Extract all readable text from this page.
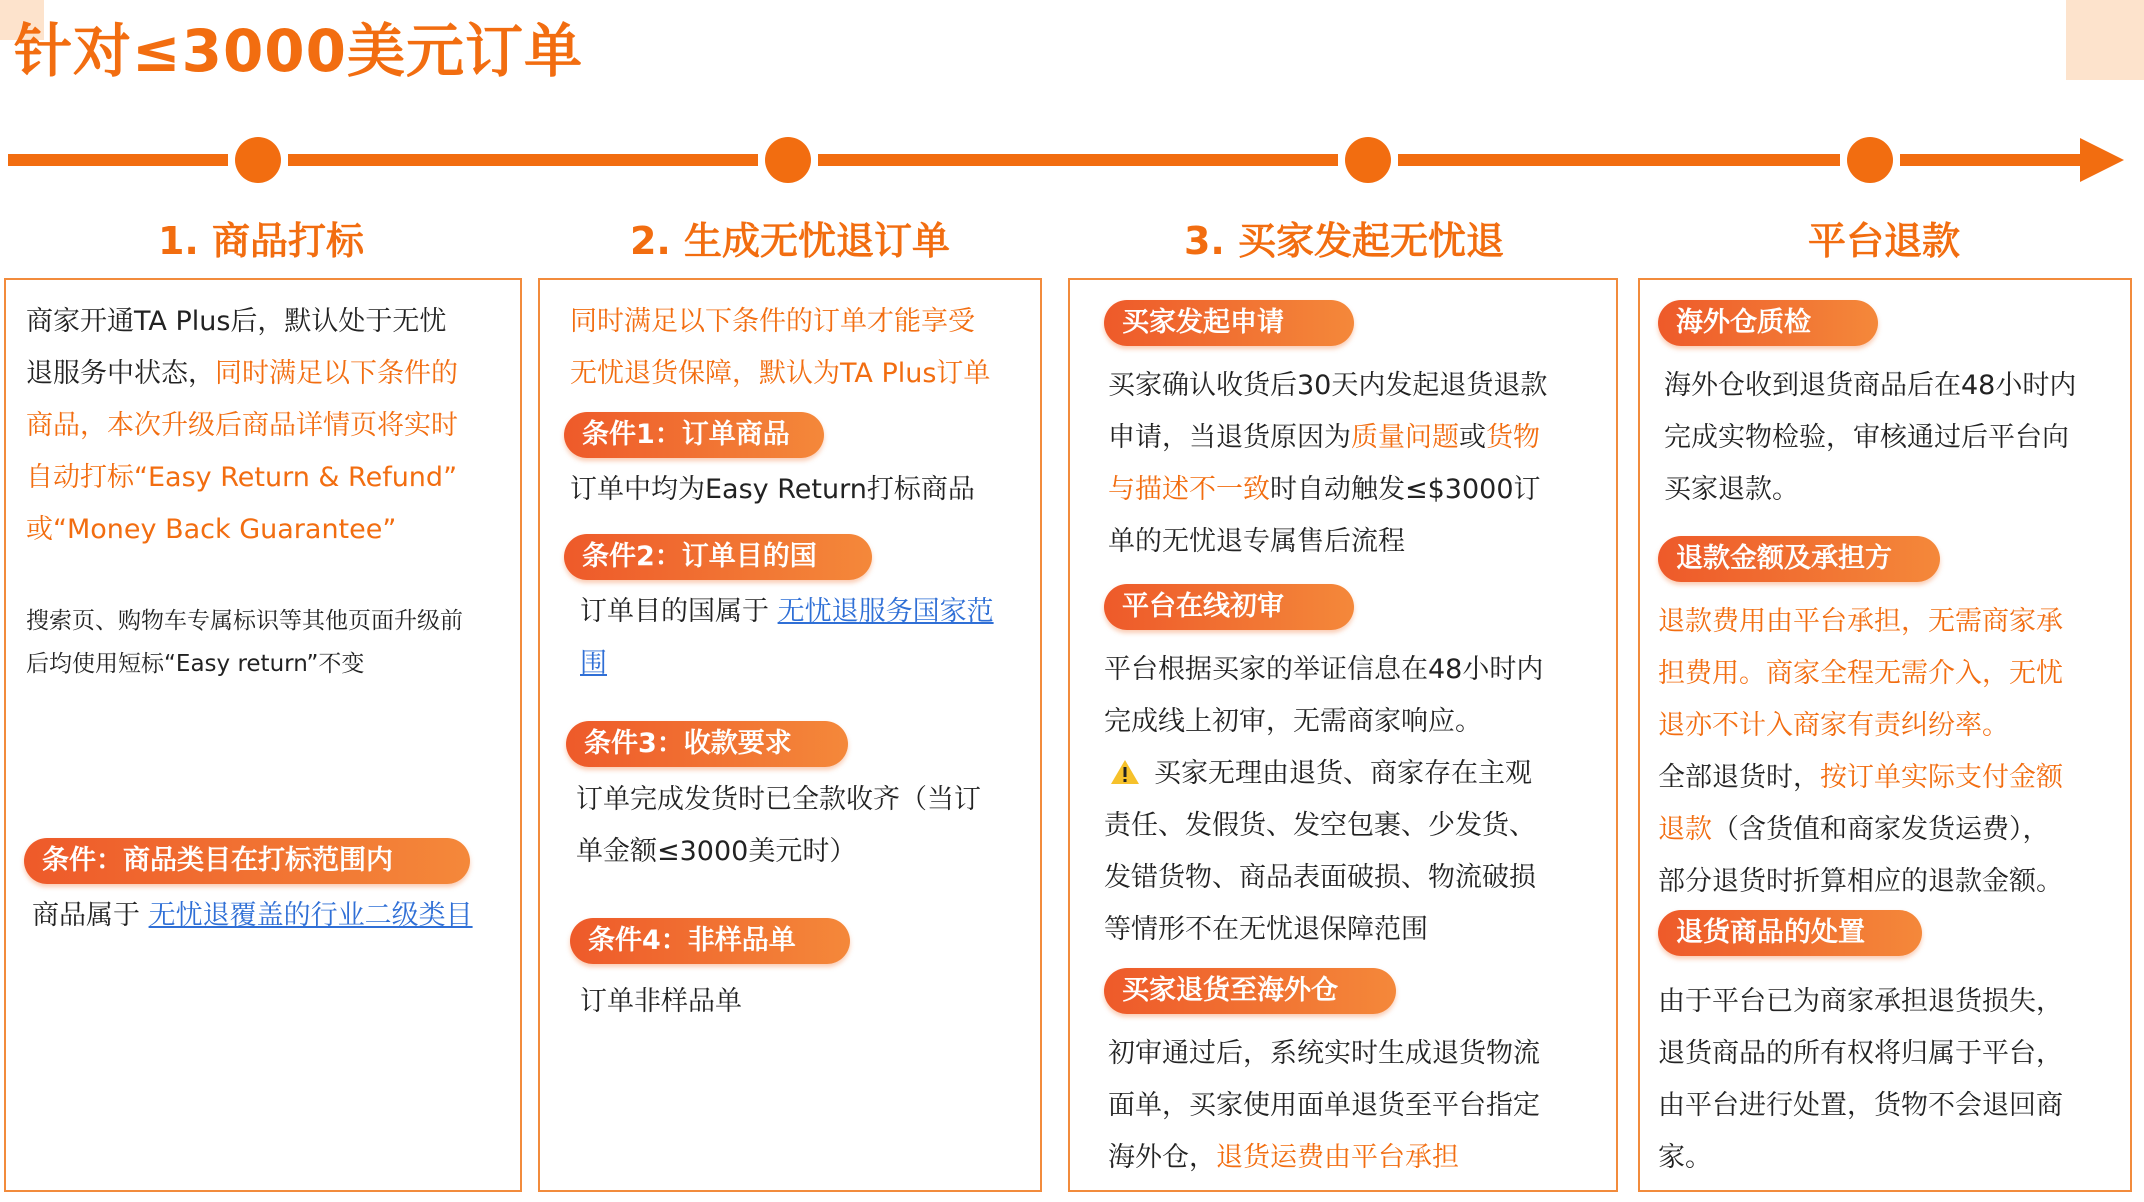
针对≤3000美元订单
1. 商品打标	2. 生成无忧退订单	3. 买家发起无忧退	平台退款
商家开通TA Plus后，默认处于无忧
退服务中状态，同时满足以下条件的
商品，本次升级后商品详情页将实时
自动打标“Easy Return & Refund”
或“Money Back Guarantee”
搜索页、购物车专属标识等其他页面升级前
后均使用短标“Easy return”不变
条件：商品类目在打标范围内
商品属于 无忧退覆盖的行业二级类目
同时满足以下条件的订单才能享受
无忧退货保障，默认为TA Plus订单
条件1：订单商品
订单中均为Easy Return打标商品
条件2：订单目的国
订单目的国属于 无忧退服务国家范
围
条件3：收款要求
订单完成发货时已全款收齐（当订
单金额≤3000美元时）
条件4：非样品单
订单非样品单
买家发起申请
买家确认收货后30天内发起退货退款
申请，当退货原因为质量问题或货物
与描述不一致时自动触发≤$3000订
单的无忧退专属售后流程
平台在线初审
平台根据买家的举证信息在48小时内
完成线上初审，无需商家响应。
买家无理由退货、商家存在主观
责任、发假货、发空包裹、少发货、
发错货物、商品表面破损、物流破损
等情形不在无忧退保障范围
买家退货至海外仓
初审通过后，系统实时生成退货物流
面单，买家使用面单退货至平台指定
海外仓，退货运费由平台承担
海外仓质检
海外仓收到退货商品后在48小时内
完成实物检验，审核通过后平台向
买家退款。
退款金额及承担方
退款费用由平台承担，无需商家承
担费用。商家全程无需介入，无忧
退亦不计入商家有责纠纷率。
全部退货时，按订单实际支付金额
退款（含货值和商家发货运费），
部分退货时折算相应的退款金额。
退货商品的处置
由于平台已为商家承担退货损失，
退货商品的所有权将归属于平台，
由平台进行处置，货物不会退回商
家。
